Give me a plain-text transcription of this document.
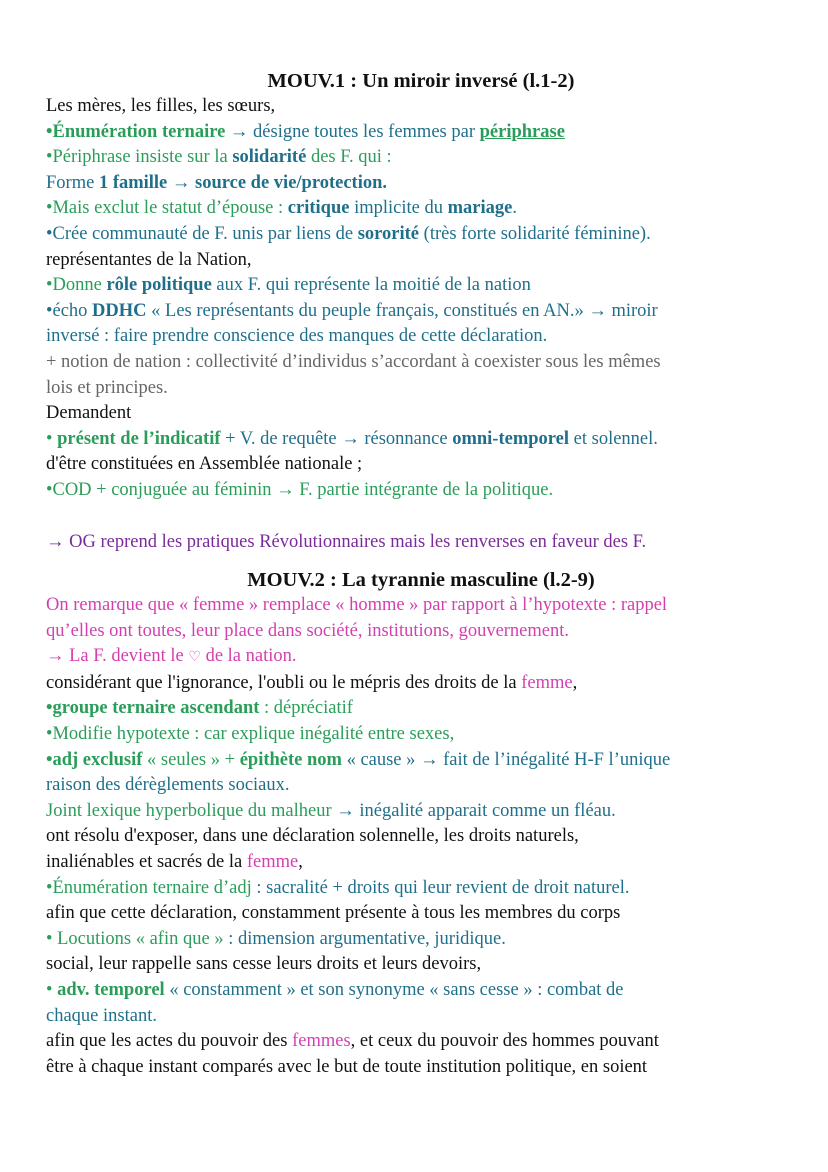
MOUV.1 : Un miroir inversé (l.1-2)

Les mères, les filles, les sœurs,

•Énumération ternaire → désigne toutes les femmes par périphrase

•Périphrase insiste sur la solidarité des F. qui :

Forme 1 famille → source de vie/protection.

•Mais exclut le statut d’épouse : critique implicite du mariage.

•Crée communauté de F. unis par liens de sororité (très forte solidarité féminine).

représentantes de la Nation,

•Donne rôle politique aux F. qui représente la moitié de la nation

•écho DDHC « Les représentants du peuple français, constitués en AN.» → miroir

inversé : faire prendre conscience des manques de cette déclaration.

+ notion de nation : collectivité d’individus s’accordant à coexister sous les mêmes

lois et principes.

Demandent

• présent de l’indicatif + V. de requête → résonnance omni-temporel et solennel.

d'être constituées en Assemblée nationale ;

•COD + conjuguée au féminin → F. partie intégrante de la politique.

→ OG reprend les pratiques Révolutionnaires mais les renverses en faveur des F.

MOUV.2 : La tyrannie masculine (l.2-9)

On remarque que « femme » remplace « homme » par rapport à l’hypotexte : rappel

qu’elles ont toutes, leur place dans société, institutions, gouvernement.

→ La F. devient le ♡ de la nation.

considérant que l'ignorance, l'oubli ou le mépris des droits de la femme,

•groupe ternaire ascendant : dépréciatif

•Modifie hypotexte : car explique inégalité entre sexes,

•adj exclusif « seules » + épithète nom « cause » → fait de l’inégalité H-F l’unique

raison des dérèglements sociaux.

Joint lexique hyperbolique du malheur → inégalité apparait comme un fléau.

ont résolu d'exposer, dans une déclaration solennelle, les droits naturels,

inaliénables et sacrés de la femme,

•Énumération ternaire d’adj : sacralité + droits qui leur revient de droit naturel.

afin que cette déclaration, constamment présente à tous les membres du corps

• Locutions « afin que » : dimension argumentative, juridique.

social, leur rappelle sans cesse leurs droits et leurs devoirs,

• adv. temporel « constamment » et son synonyme « sans cesse » : combat de

chaque instant.

afin que les actes du pouvoir des femmes, et ceux du pouvoir des hommes pouvant

être à chaque instant comparés avec le but de toute institution politique, en soient
